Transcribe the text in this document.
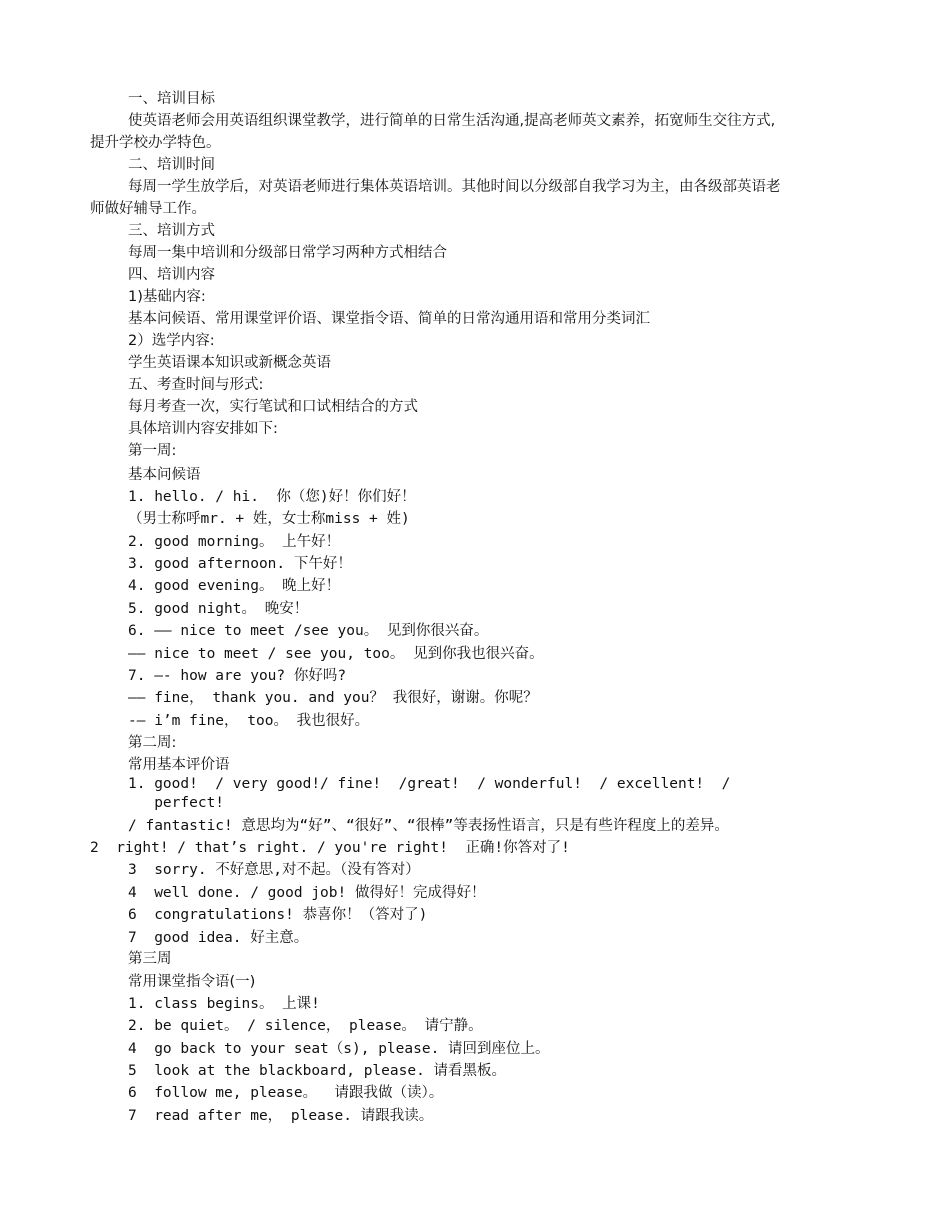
一、培训目标
使英语老师会用英语组织课堂教学，进行简单的日常生活沟通,提高老师英文素养，拓宽师生交往方式,
提升学校办学特色。
二、培训时间
每周一学生放学后，对英语老师进行集体英语培训。其他时间以分级部自我学习为主，由各级部英语老
师做好辅导工作。
三、培训方式
每周一集中培训和分级部日常学习两种方式相结合
四、培训内容
1)基础内容:
基本问候语、常用课堂评价语、课堂指令语、简单的日常沟通用语和常用分类词汇
2）选学内容:
学生英语课本知识或新概念英语
五、考查时间与形式:
每月考查一次，实行笔试和口试相结合的方式
具体培训内容安排如下:
第一周:
基本问候语
1. hello. / hi.  你（您)好！你们好！
（男士称呼mr. + 姓，女士称miss + 姓)
2. good morning。 上午好！
3. good afternoon. 下午好！
4. good evening。 晚上好！
5. good night。 晚安！
6. —— nice to meet /see you。 见到你很兴奋。
—— nice to meet / see you, too。 见到你我也很兴奋。
7. —- how are you? 你好吗?
—— fine， thank you. and you？ 我很好，谢谢。你呢？
-— i’m fine， too。 我也很好。
第二周:
常用基本评价语
1. good!  / very good!/ fine!  /great!  / wonderful!  / excellent!  /
perfect!
/ fantastic! 意思均为“好”、“很好”、“很棒”等表扬性语言，只是有些许程度上的差异。
2  right! / that’s right. / you're right!  正确!你答对了!
3  sorry. 不好意思,对不起。（没有答对）
4  well done. / good job! 做得好！完成得好！
6  congratulations! 恭喜你！（答对了)
7  good idea. 好主意。
第三周
常用课堂指令语(一)
1. class begins。 上课!
2. be quiet。 / silence， please。 请宁静。
4  go back to your seat（s), please. 请回到座位上。
5  look at the blackboard, please. 请看黑板。
6  follow me, please。  请跟我做（读）。
7  read after me， please. 请跟我读。
